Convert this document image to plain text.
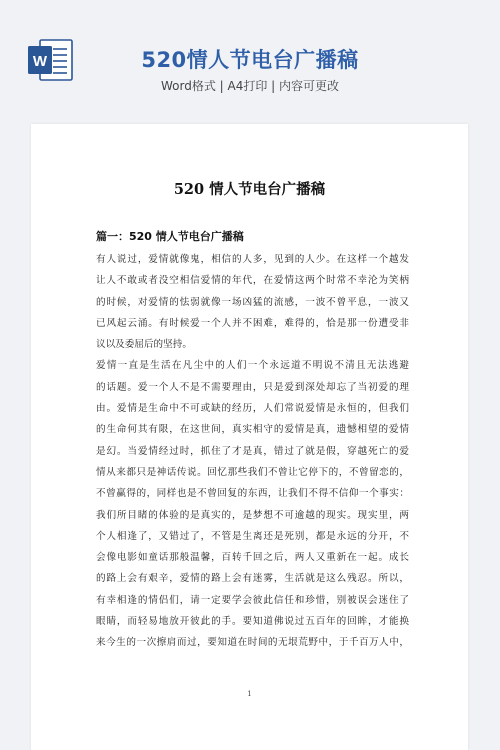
W	520情人节电台广播稿
Word格式 | A4打印 | 内容可更改
520 情人节电台广播稿
篇一：520 情人节电台广播稿
有人说过，爱情就像鬼，相信的人多，见到的人少。在这样一个越发
让人不敢或者没空相信爱情的年代，在爱情这两个时常不幸沦为笑柄
的时候，对爱情的怯弱就像一场凶猛的流感，一波不曾平息，一波又
已风起云涌。有时候爱一个人并不困难，难得的，恰是那一份遭受非
议以及委屈后的坚持。
爱情一直是生活在凡尘中的人们一个永远道不明说不清且无法逃避
的话题。爱一个人不是不需要理由，只是爱到深处却忘了当初爱的理
由。爱情是生命中不可或缺的经历，人们常说爱情是永恒的，但我们
的生命何其有限，在这世间，真实相守的爱情是真，遗憾相望的爱情
是幻。当爱情经过时，抓住了才是真，错过了就是假，穿越死亡的爱
情从来都只是神话传说。回忆那些我们不曾让它停下的，不曾留恋的，
不曾赢得的，同样也是不曾回复的东西，让我们不得不信仰一个事实：
我们所目睹的体验的是真实的，是梦想不可逾越的现实。现实里，两
个人相逢了，又错过了，不管是生离还是死别，都是永远的分开，不
会像电影如童话那般温馨，百转千回之后，两人又重新在一起。成长
的路上会有艰辛，爱情的路上会有迷雾，生活就是这么残忍。所以，
有幸相逢的情侣们，请一定要学会彼此信任和珍惜，别被误会迷住了
眼睛，而轻易地放开彼此的手。要知道佛说过五百年的回眸，才能换
来今生的一次擦肩而过，要知道在时间的无垠荒野中，于千百万人中，
1
